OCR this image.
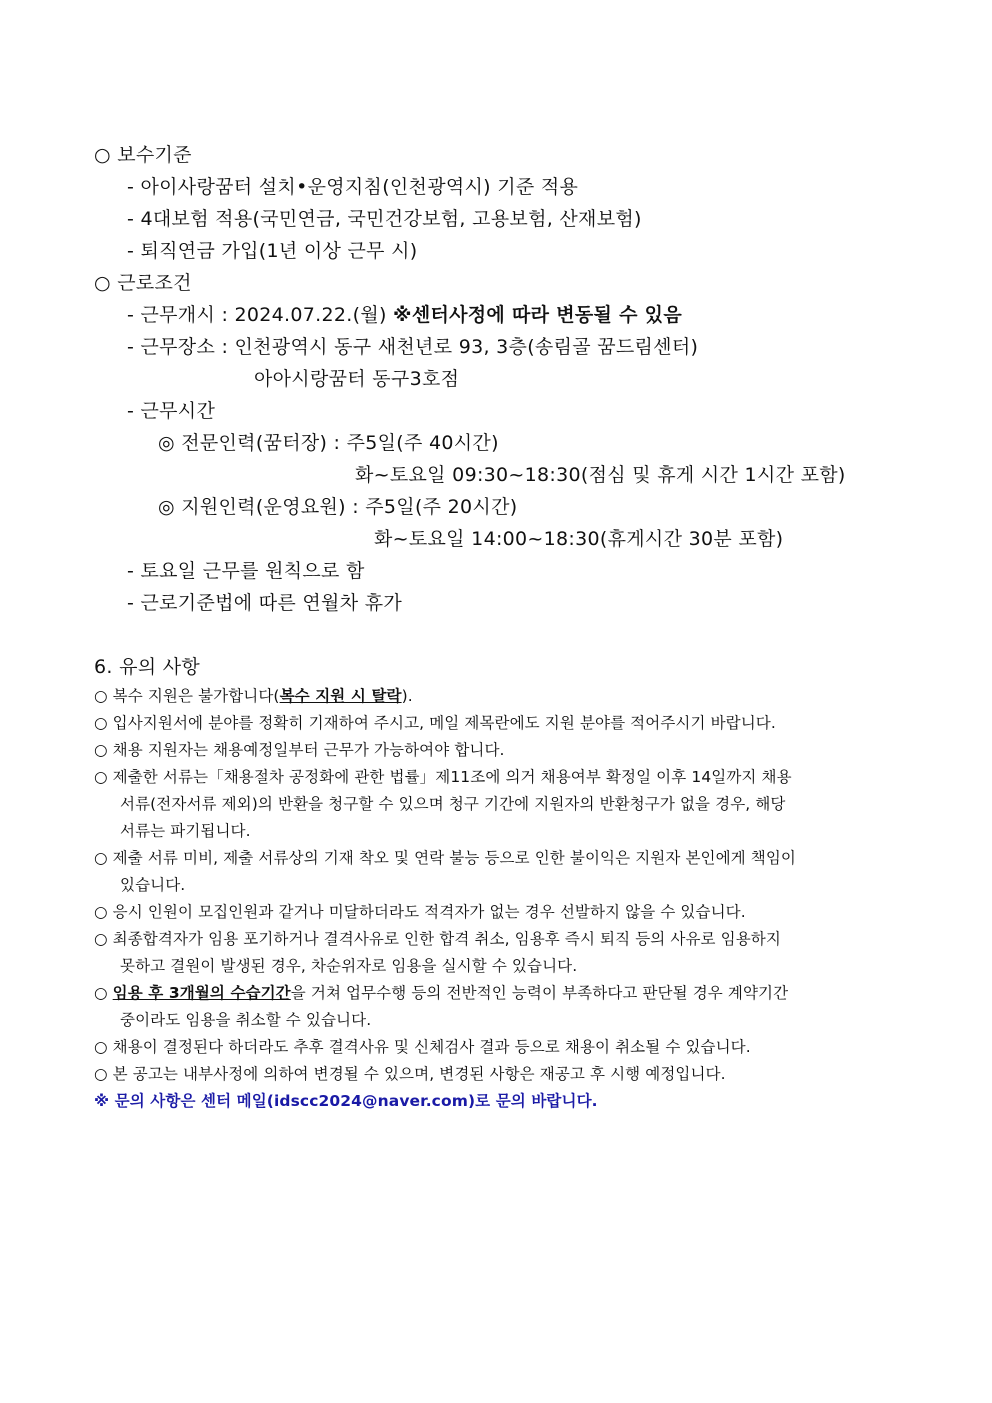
○ 보수기준
- 아이사랑꿈터 설치•운영지침(인천광역시) 기준 적용
- 4대보험 적용(국민연금, 국민건강보험, 고용보험, 산재보험)
- 퇴직연금 가입(1년 이상 근무 시)
○ 근로조건
- 근무개시 : 2024.07.22.(월) ※센터사정에 따라 변동될 수 있음
- 근무장소 : 인천광역시 동구 새천년로 93, 3층(송림골 꿈드림센터)
아아시랑꿈터 동구3호점
- 근무시간
◎ 전문인력(꿈터장) : 주5일(주 40시간)
화~토요일 09:30~18:30(점심 및 휴게 시간 1시간 포함)
◎ 지원인력(운영요원) : 주5일(주 20시간)
화~토요일 14:00~18:30(휴게시간 30분 포함)
- 토요일 근무를 원칙으로 함
- 근로기준법에 따른 연월차 휴가
6. 유의 사항
○ 복수 지원은 불가합니다(복수 지원 시 탈락).
○ 입사지원서에 분야를 정확히 기재하여 주시고, 메일 제목란에도 지원 분야를 적어주시기 바랍니다.
○ 채용 지원자는 채용예정일부터 근무가 가능하여야 합니다.
○ 제출한 서류는「채용절차 공정화에 관한 법률」제11조에 의거 채용여부 확정일 이후 14일까지 채용
서류(전자서류 제외)의 반환을 청구할 수 있으며 청구 기간에 지원자의 반환청구가 없을 경우, 해당
서류는 파기됩니다.
○ 제출 서류 미비, 제출 서류상의 기재 착오 및 연락 불능 등으로 인한 불이익은 지원자 본인에게 책임이
있습니다.
○ 응시 인원이 모집인원과 같거나 미달하더라도 적격자가 없는 경우 선발하지 않을 수 있습니다.
○ 최종합격자가 임용 포기하거나 결격사유로 인한 합격 취소, 임용후 즉시 퇴직 등의 사유로 임용하지
못하고 결원이 발생된 경우, 차순위자로 임용을 실시할 수 있습니다.
○ 임용 후 3개월의 수습기간을 거쳐 업무수행 등의 전반적인 능력이 부족하다고 판단될 경우 계약기간
중이라도 임용을 취소할 수 있습니다.
○ 채용이 결정된다 하더라도 추후 결격사유 및 신체검사 결과 등으로 채용이 취소될 수 있습니다.
○ 본 공고는 내부사정에 의하여 변경될 수 있으며, 변경된 사항은 재공고 후 시행 예정입니다.
※ 문의 사항은 센터 메일(idscc2024@naver.com)로 문의 바랍니다.
